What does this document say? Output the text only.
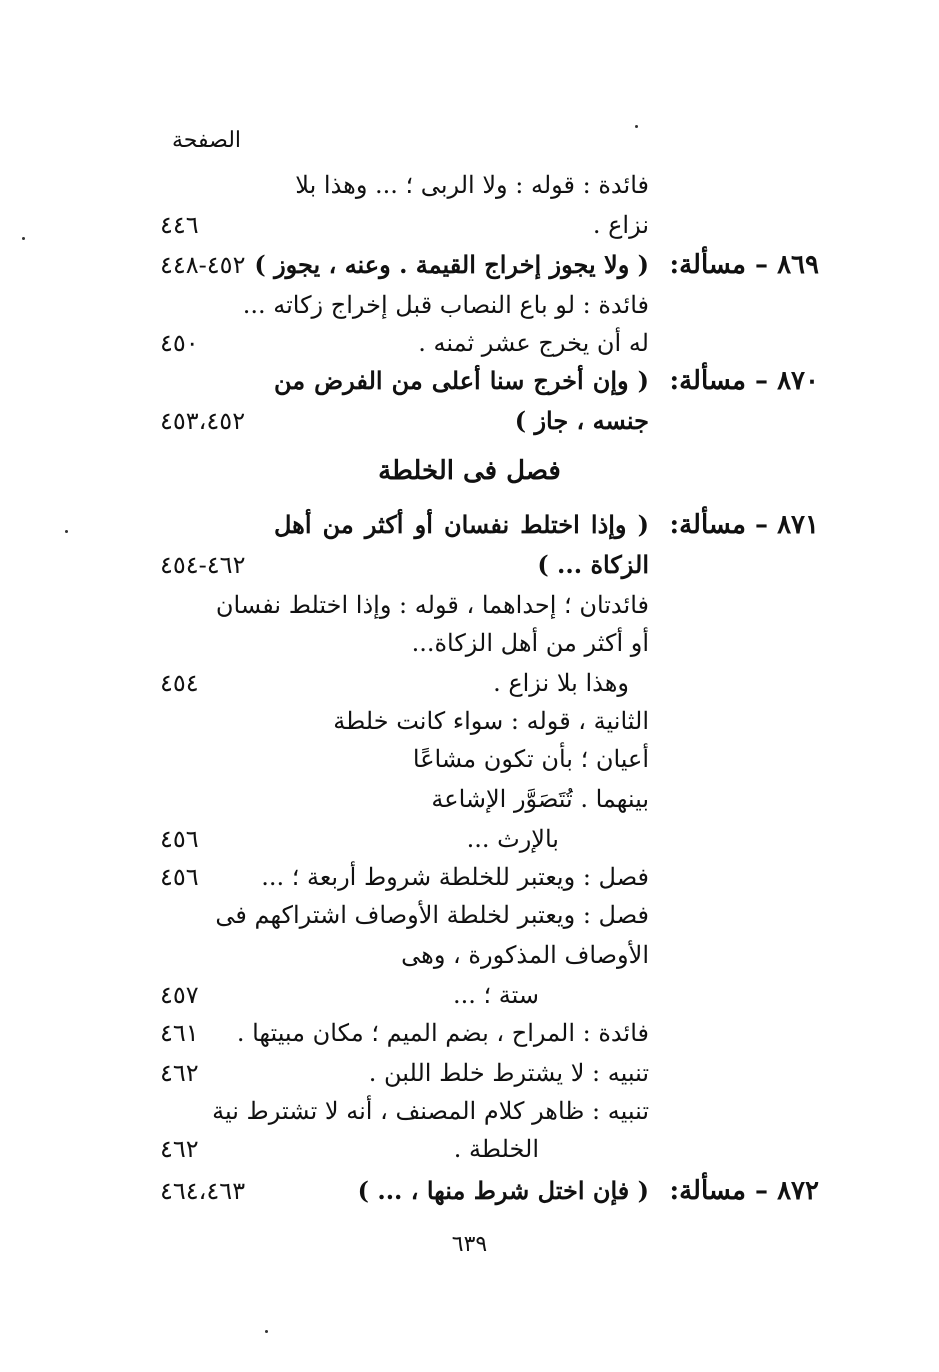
الصفحة
فائدة : قوله : ولا الربى ؛ ... وهذا بلا
نزاع .
٤٤٦
٨٦٩ – مسألة:
( ولا يجوز إخراج القيمة . وعنه ، يجوز )
٤٥٢-٤٤٨
فائدة : لو باع النصاب قبل إخراج زكاته ...
له أن يخرج عشر ثمنه .
٤٥٠
٨٧٠ – مسألة:
( وإن أخرج سنا أعلى من الفرض من
جنسه ، جاز )
٤٥٣،٤٥٢
فصل فى الخلطة
٨٧١ – مسألة:
( وإذا اختلط نفسان أو أكثر من أهل
الزكاة ... )
٤٦٢-٤٥٤
فائدتان ؛ إحداهما ، قوله : وإذا اختلط نفسان
أو أكثر من أهل الزكاة...
وهذا بلا نزاع .
٤٥٤
الثانية ، قوله : سواء كانت خلطة
أعيان ؛ بأن تكون مشاعًا
بينهما . تُتَصَوَّر الإشاعة
بالإرث ...
٤٥٦
فصل : ويعتبر للخلطة شروط أربعة ؛ ...
٤٥٦
فصل : ويعتبر لخلطة الأوصاف اشتراكهم فى
الأوصاف المذكورة ، وهى
ستة ؛ ...
٤٥٧
فائدة : المراح ، بضم الميم ؛ مكان مبيتها .
٤٦١
تنبيه : لا يشترط خلط اللبن .
٤٦٢
تنبيه : ظاهر كلام المصنف ، أنه لا تشترط نية
الخلطة .
٤٦٢
٨٧٢ – مسألة:
( فإن اختل شرط منها ، ... )
٤٦٤،٤٦٣
٦٣٩
